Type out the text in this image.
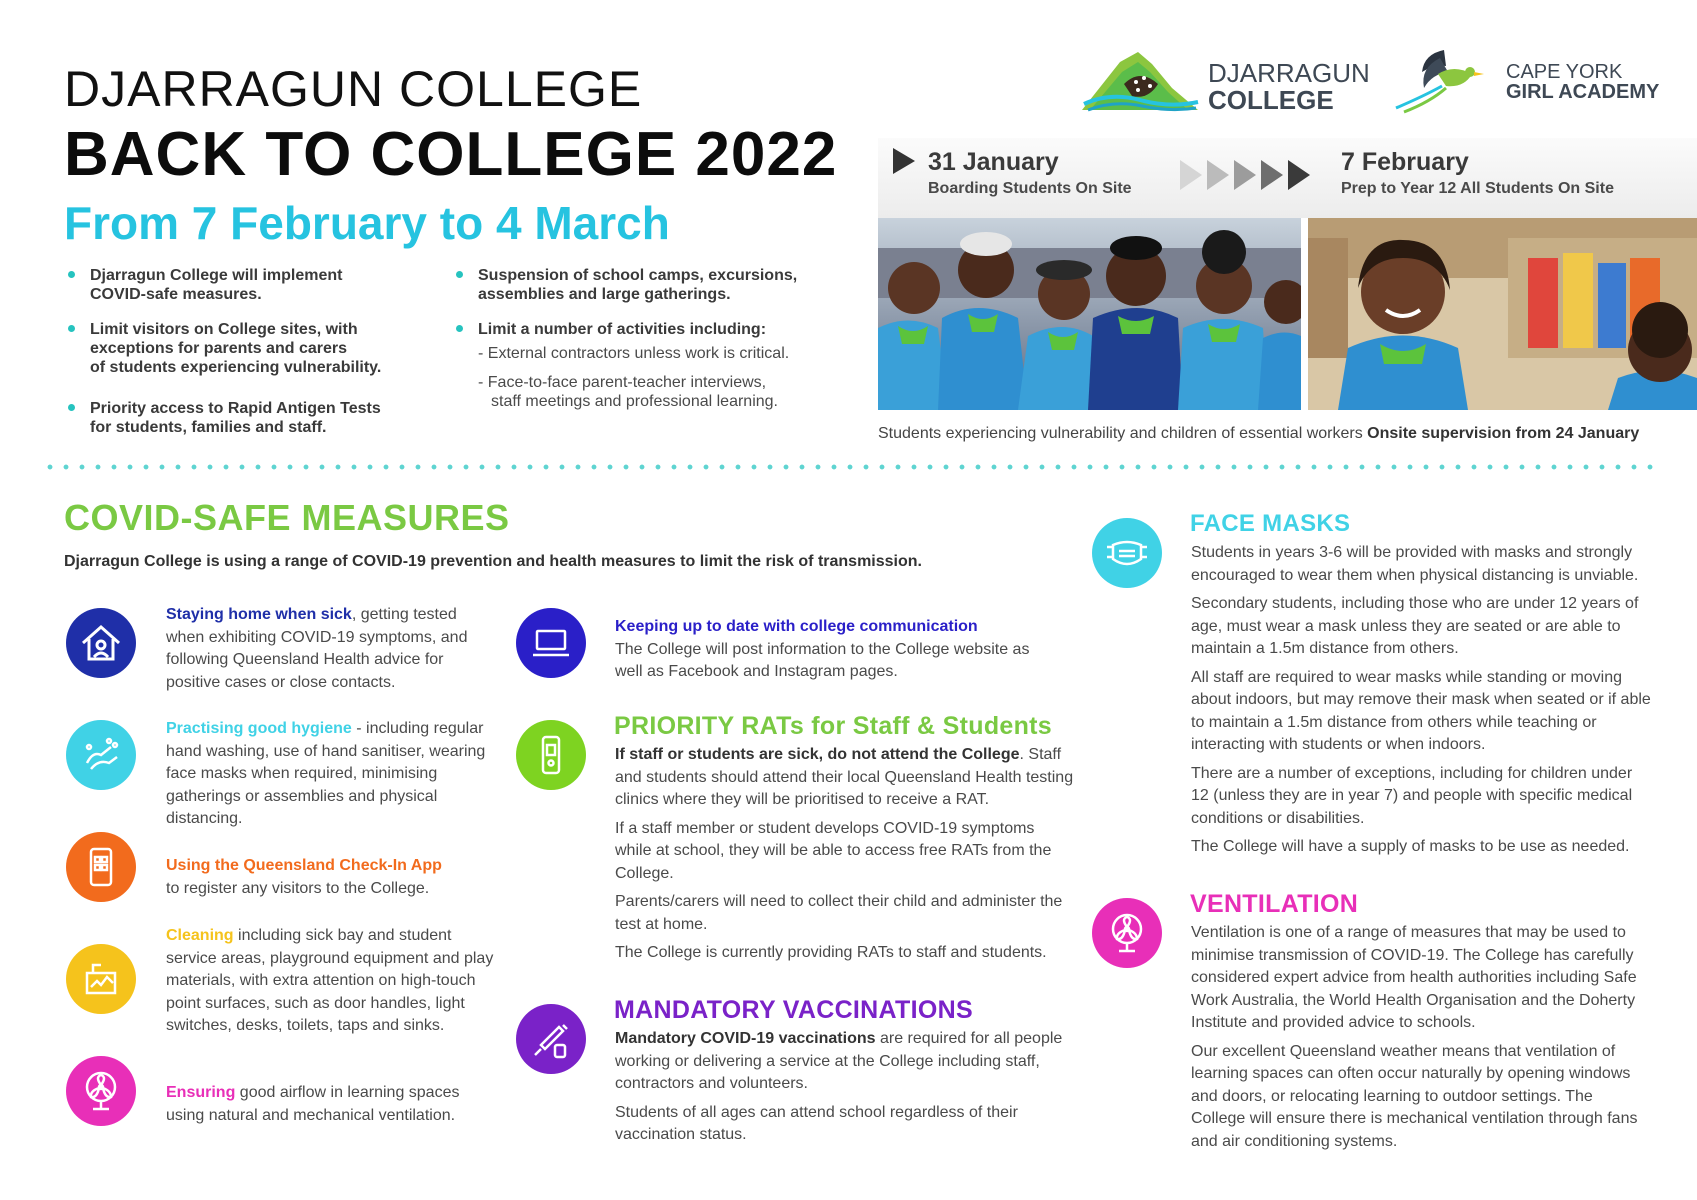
DJARRAGUN COLLEGE
BACK TO COLLEGE 2022
From 7 February to 4 March
Djarragun College will implement
COVID-safe measures.
Limit visitors on College sites, with
exceptions for parents and carers
of students experiencing vulnerability.
Priority access to Rapid Antigen Tests
for students, families and staff.
Suspension of school camps, excursions,
assemblies and large gatherings.
Limit a number of activities including:
- External contractors unless work is critical.
- Face-to-face parent-teacher interviews,
staff meetings and professional learning.
DJARRAGUN
COLLEGE
CAPE YORK
GIRL ACADEMY
31 January
Boarding Students On Site
7 February
Prep to Year 12 All Students On Site
Students experiencing vulnerability and children of essential workers Onsite supervision from 24 January
COVID-SAFE MEASURES
Djarragun College is using a range of COVID-19 prevention and health measures to limit the risk of transmission.
Staying home when sick, getting tested when exhibiting COVID-19 symptoms, and following Queensland Health advice for positive cases or close contacts.
Practising good hygiene - including regular hand washing, use of hand sanitiser, wearing face masks when required, minimising gatherings or assemblies and physical distancing.
Using the Queensland Check-In App
to register any visitors to the College.
Cleaning including sick bay and student service areas, playground equipment and play materials, with extra attention on high-touch point surfaces, such as door handles, light switches, desks, toilets, taps and sinks.
Ensuring good airflow in learning spaces using natural and mechanical ventilation.
Keeping up to date with college communication
The College will post information to the College website as well as Facebook and Instagram pages.
PRIORITY RATs for Staff & Students

If staff or students are sick, do not attend the College. Staff and students should attend their local Queensland Health testing clinics where they will be prioritised to receive a RAT.

If a staff member or student develops COVID-19 symptoms while at school, they will be able to access free RATs from the College.

Parents/carers will need to collect their child and administer the test at home.

The College is currently providing RATs to staff and students.

MANDATORY VACCINATIONS

Mandatory COVID-19 vaccinations are required for all people working or delivering a service at the College including staff, contractors and volunteers.

Students of all ages can attend school regardless of their vaccination status.

FACE MASKS

Students in years 3-6 will be provided with masks and strongly encouraged to wear them when physical distancing is unviable.

Secondary students, including those who are under 12 years of age, must wear a mask unless they are seated or are able to maintain a 1.5m distance from others.

All staff are required to wear masks while standing or moving about indoors, but may remove their mask when seated or if able to maintain a 1.5m distance from others while teaching or interacting with students or when indoors.

There are a number of exceptions, including for children under 12 (unless they are in year 7) and people with specific medical conditions or disabilities.

The College will have a supply of masks to be use as needed.

VENTILATION

Ventilation is one of a range of measures that may be used to minimise transmission of COVID-19. The College has carefully considered expert advice from health authorities including Safe Work Australia, the World Health Organisation and the Doherty Institute and provided advice to schools.

Our excellent Queensland weather means that ventilation of learning spaces can often occur naturally by opening windows and doors, or relocating learning to outdoor settings. The College will ensure there is mechanical ventilation through fans and air conditioning systems.
